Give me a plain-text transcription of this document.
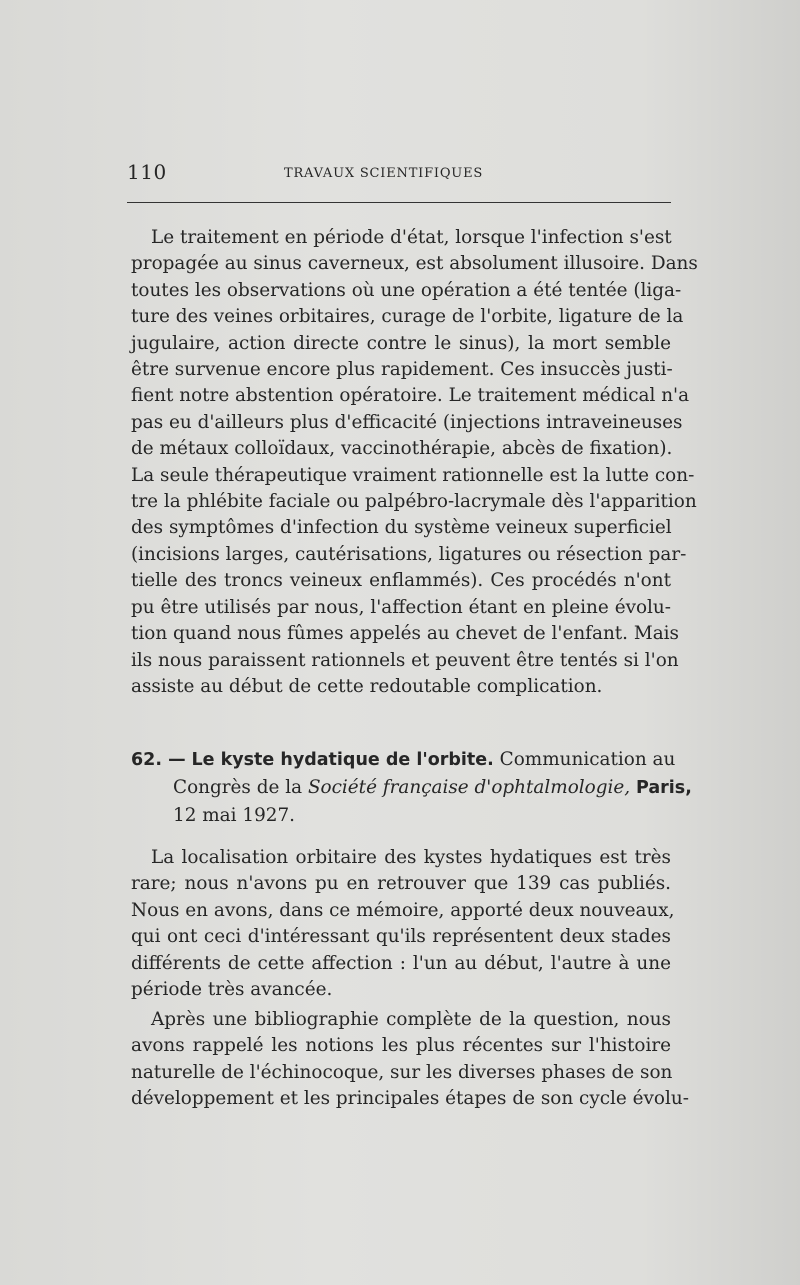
110	TRAVAUX SCIENTIFIQUES
Le traitement en période d'état, lorsque l'infection s'est
propagée au sinus caverneux, est absolument illusoire. Dans
toutes les observations où une opération a été tentée (liga-
ture des veines orbitaires, curage de l'orbite, ligature de la
jugulaire, action directe contre le sinus), la mort semble
être survenue encore plus rapidement. Ces insuccès justi-
fient notre abstention opératoire. Le traitement médical n'a
pas eu d'ailleurs plus d'efficacité (injections intraveineuses
de métaux colloïdaux, vaccinothérapie, abcès de fixation).
La seule thérapeutique vraiment rationnelle est la lutte con-
tre la phlébite faciale ou palpébro-lacrymale dès l'apparition
des symptômes d'infection du système veineux superficiel
(incisions larges, cautérisations, ligatures ou résection par-
tielle des troncs veineux enflammés). Ces procédés n'ont
pu être utilisés par nous, l'affection étant en pleine évolu-
tion quand nous fûmes appelés au chevet de l'enfant. Mais
ils nous paraissent rationnels et peuvent être tentés si l'on
assiste au début de cette redoutable complication.
62. — Le kyste hydatique de l'orbite. Communication au
Congrès de la Société française d'ophtalmologie, Paris,
12 mai 1927.
La localisation orbitaire des kystes hydatiques est très
rare; nous n'avons pu en retrouver que 139 cas publiés.
Nous en avons, dans ce mémoire, apporté deux nouveaux,
qui ont ceci d'intéressant qu'ils représentent deux stades
différents de cette affection : l'un au début, l'autre à une
période très avancée.
Après une bibliographie complète de la question, nous
avons rappelé les notions les plus récentes sur l'histoire
naturelle de l'échinocoque, sur les diverses phases de son
développement et les principales étapes de son cycle évolu-
